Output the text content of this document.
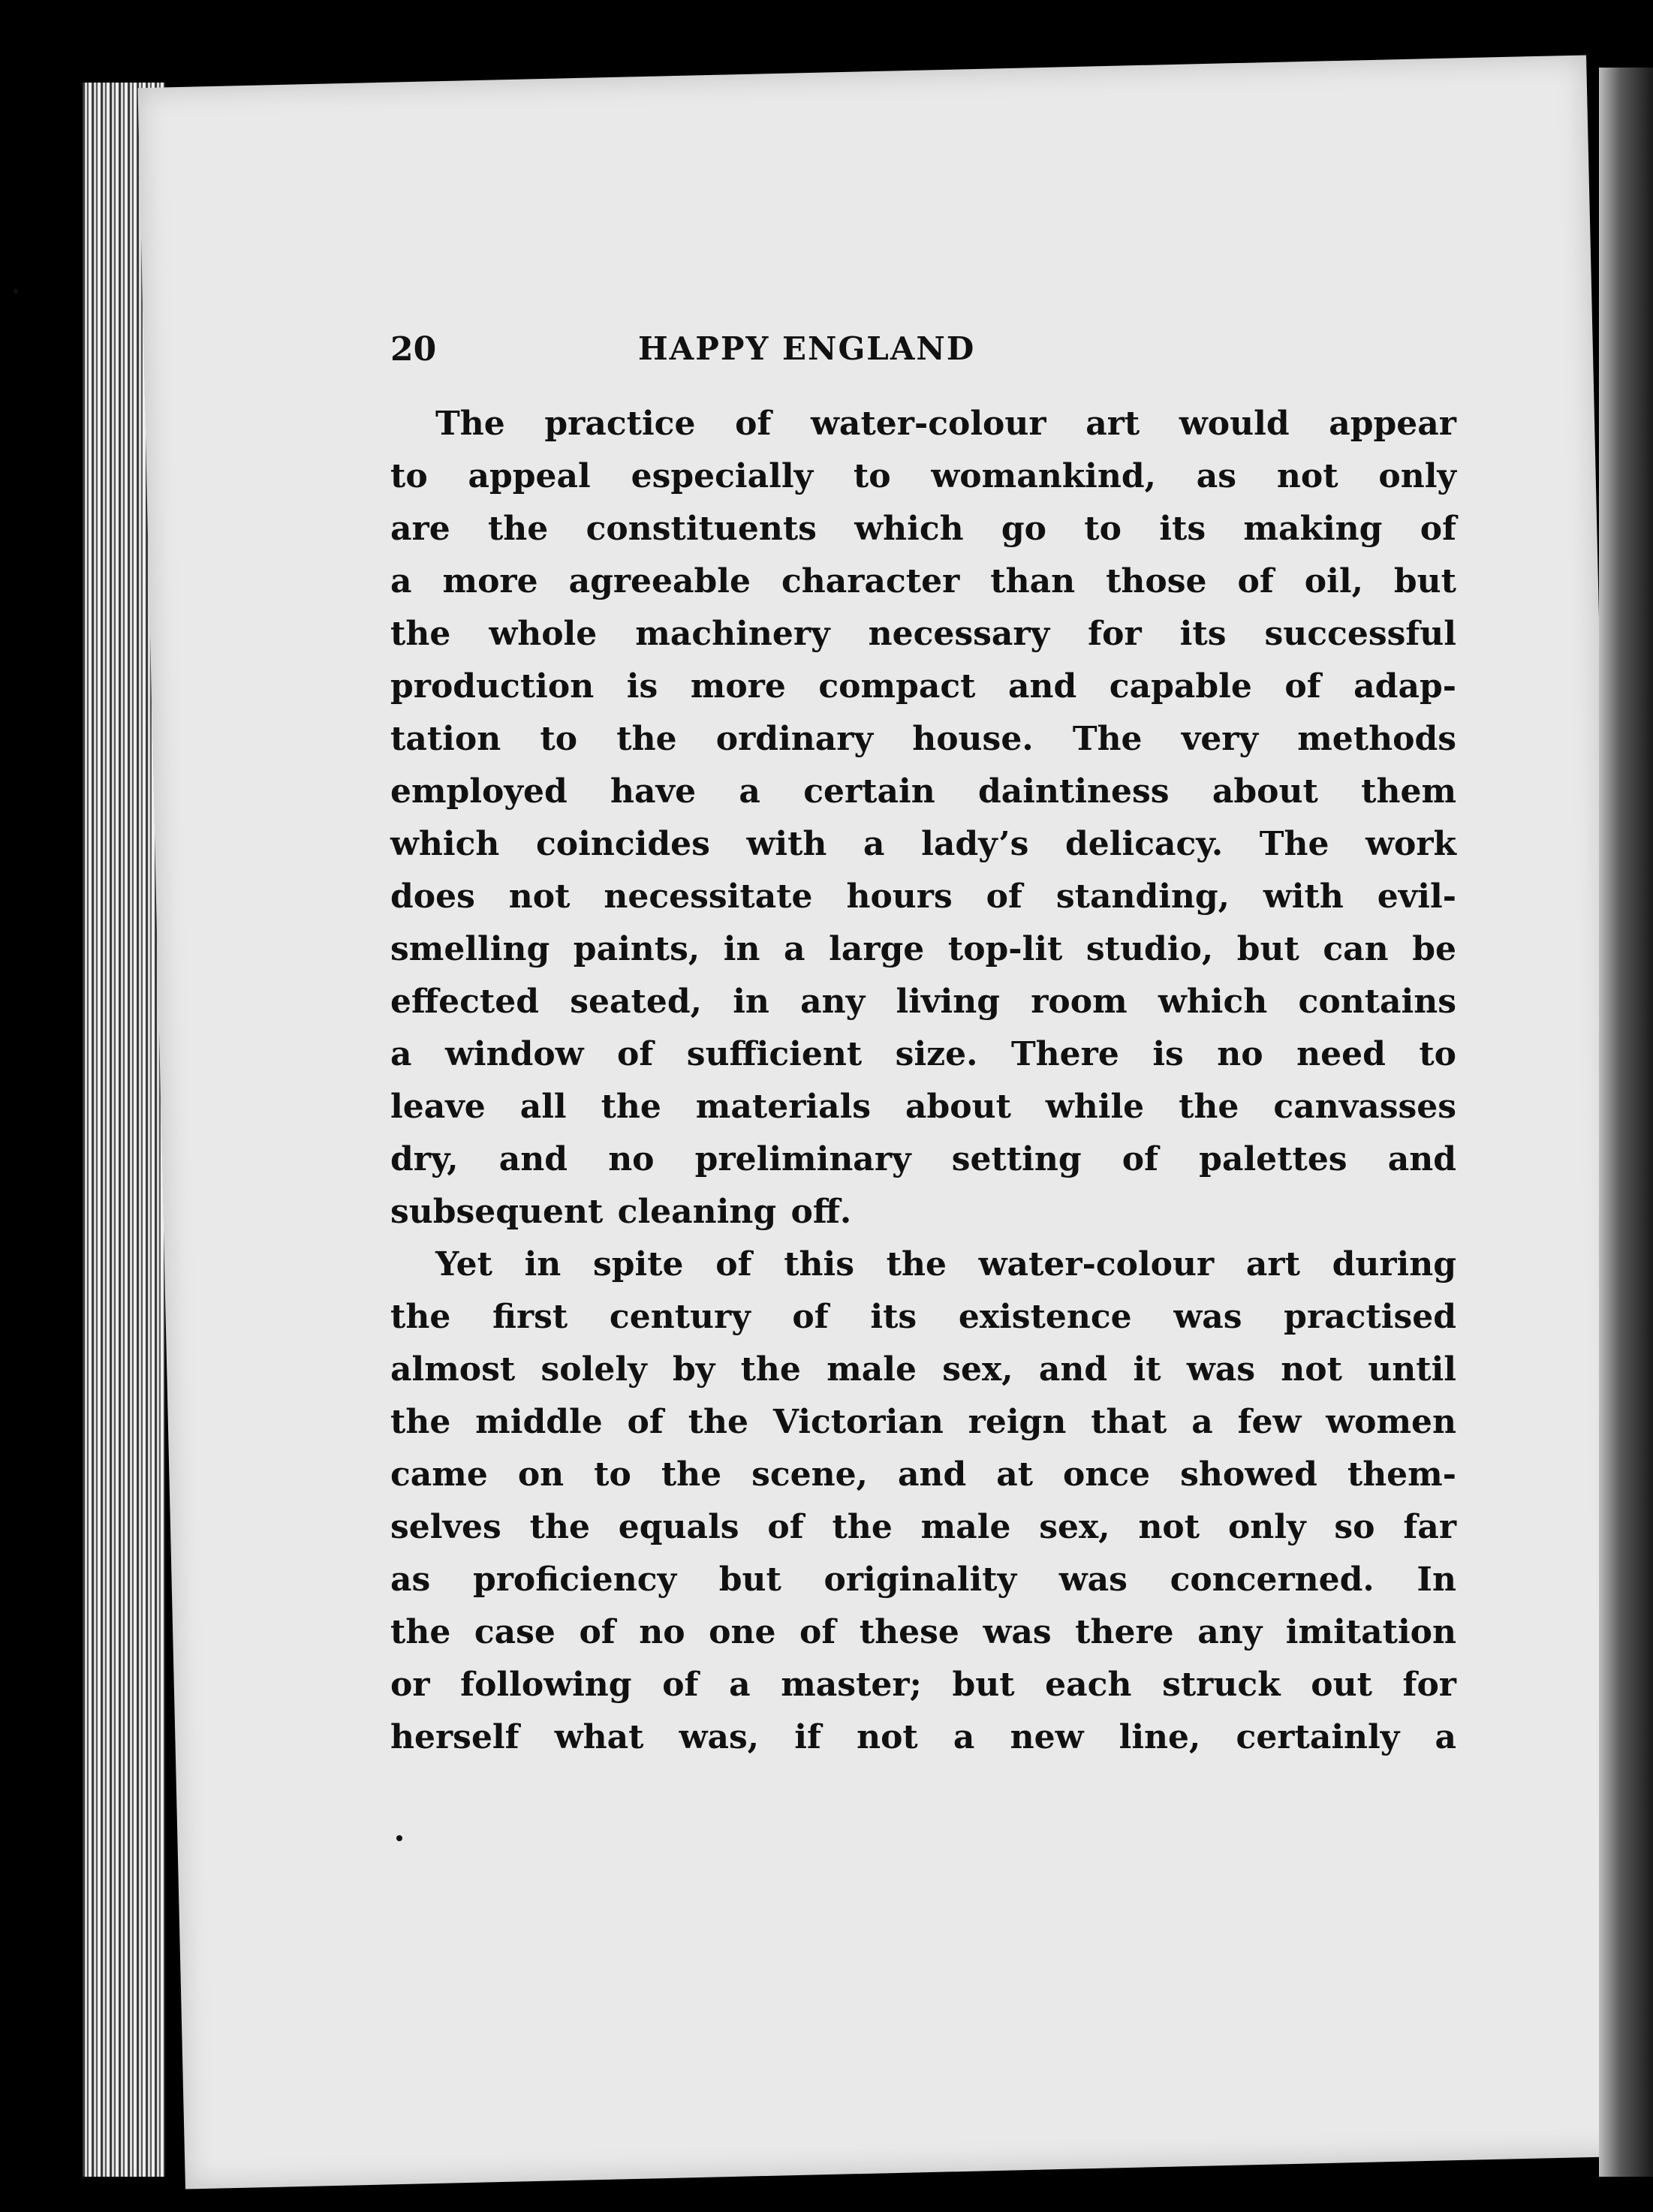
20	HAPPY ENGLAND
The practice of water-colour art would appear
to appeal especially to womankind, as not only
are the constituents which go to its making of
a more agreeable character than those of oil, but
the whole machinery necessary for its successful
production is more compact and capable of adap-
tation to the ordinary house. The very methods
employed have a certain daintiness about them
which coincides with a lady’s delicacy. The work
does not necessitate hours of standing, with evil-
smelling paints, in a large top-lit studio, but can be
effected seated, in any living room which contains
a window of sufficient size. There is no need to
leave all the materials about while the canvasses
dry, and no preliminary setting of palettes and
subsequent cleaning off.
Yet in spite of this the water-colour art during
the first century of its existence was practised
almost solely by the male sex, and it was not until
the middle of the Victorian reign that a few women
came on to the scene, and at once showed them-
selves the equals of the male sex, not only so far
as proficiency but originality was concerned. In
the case of no one of these was there any imitation
or following of a master; but each struck out for
herself what was, if not a new line, certainly a
